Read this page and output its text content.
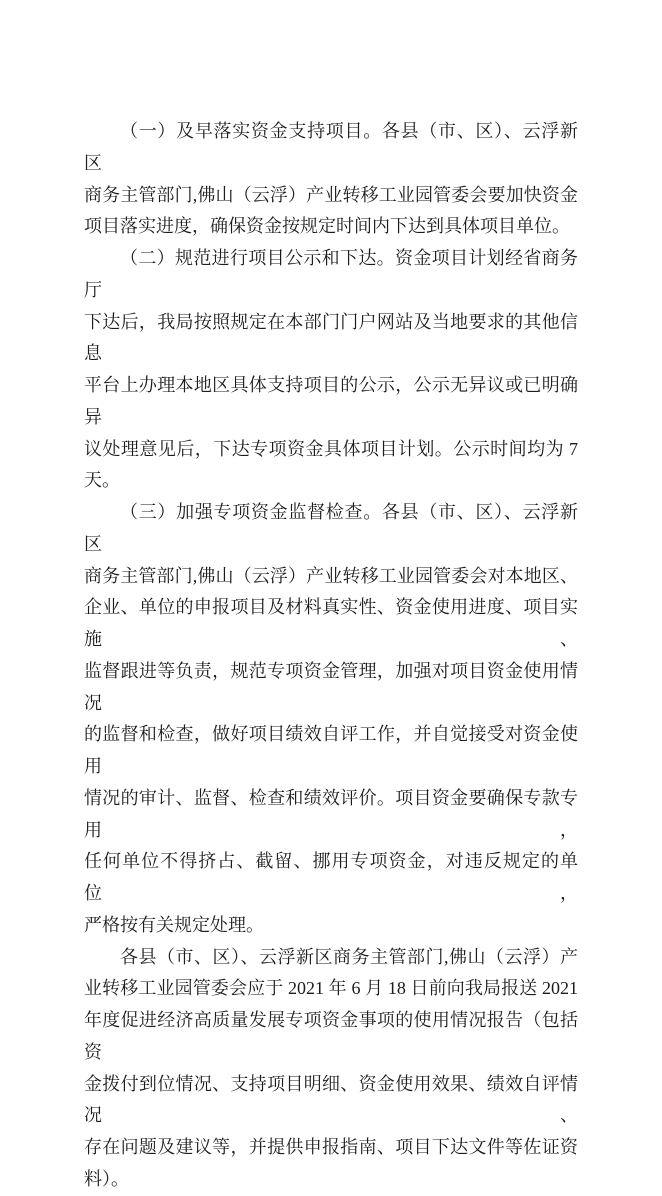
（一）及早落实资金支持项目。各县（市、区）、云浮新区
商务主管部门,佛山（云浮）产业转移工业园管委会要加快资金
项目落实进度，确保资金按规定时间内下达到具体项目单位。

（二）规范进行项目公示和下达。资金项目计划经省商务厅
下达后，我局按照规定在本部门门户网站及当地要求的其他信息
平台上办理本地区具体支持项目的公示，公示无异议或已明确异
议处理意见后，下达专项资金具体项目计划。公示时间均为 7 天。

（三）加强专项资金监督检查。各县（市、区）、云浮新区
商务主管部门,佛山（云浮）产业转移工业园管委会对本地区、
企业、单位的申报项目及材料真实性、资金使用进度、项目实施、
监督跟进等负责，规范专项资金管理，加强对项目资金使用情况
的监督和检查，做好项目绩效自评工作，并自觉接受对资金使用
情况的审计、监督、检查和绩效评价。项目资金要确保专款专用，
任何单位不得挤占、截留、挪用专项资金，对违反规定的单位，
严格按有关规定处理。

各县（市、区）、云浮新区商务主管部门,佛山（云浮）产
业转移工业园管委会应于 2021 年 6 月 18 日前向我局报送 2021
年度促进经济高质量发展专项资金事项的使用情况报告（包括资
金拨付到位情况、支持项目明细、资金使用效果、绩效自评情况、
存在问题及建议等，并提供申报指南、项目下达文件等佐证资
料）。
